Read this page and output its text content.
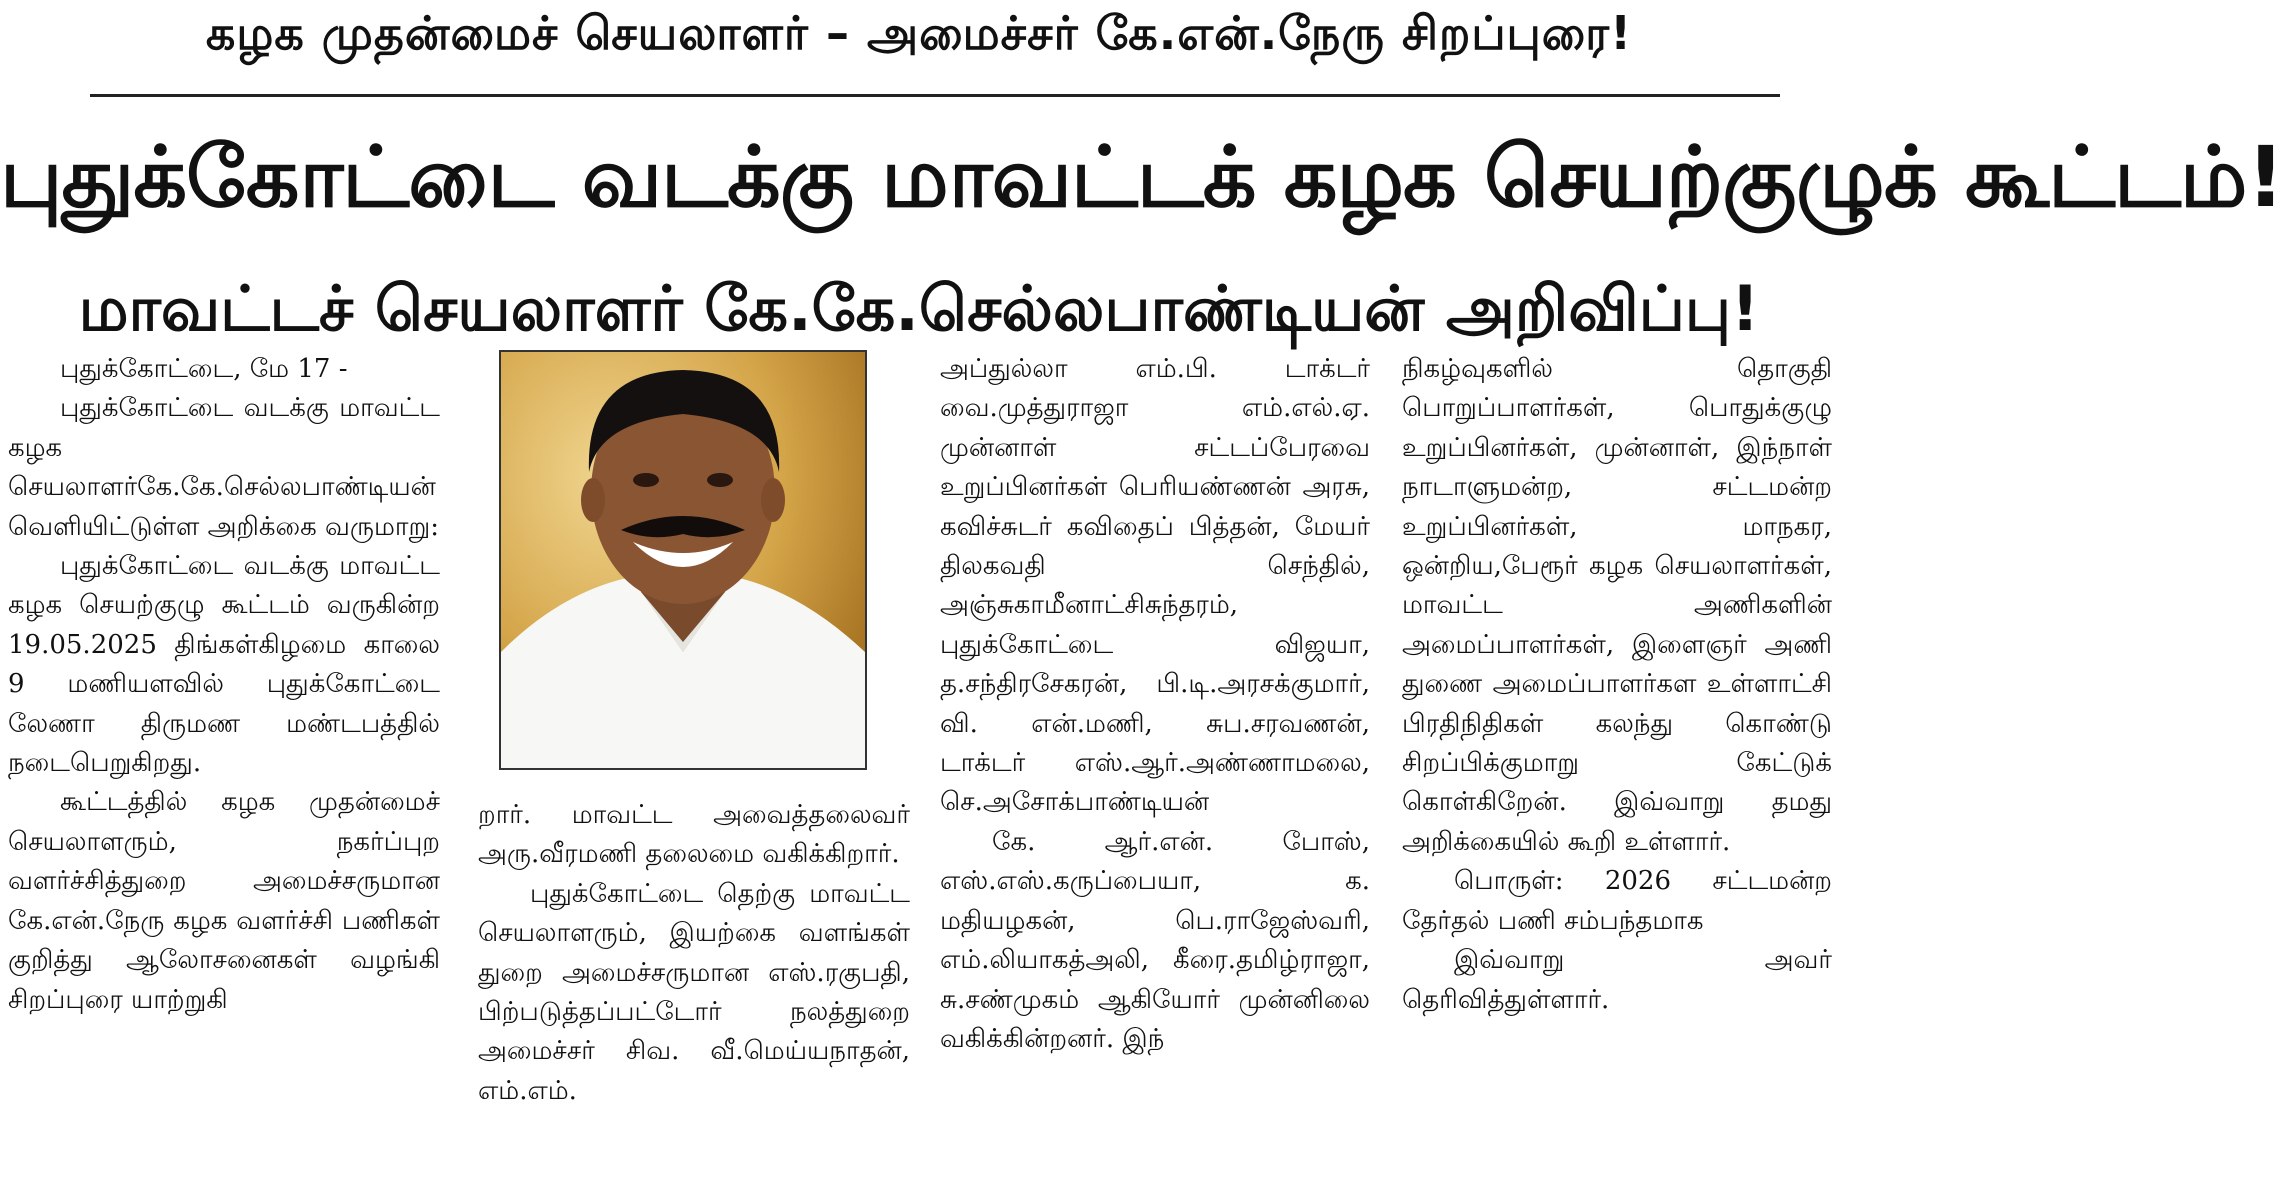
கழக முதன்மைச் செயலாளர் – அமைச்சர் கே.என்.நேரு சிறப்புரை!
புதுக்கோட்டை வடக்கு மாவட்டக் கழக செயற்குழுக் கூட்டம்!
மாவட்டச் செயலாளர் கே.கே.செல்லபாண்டியன் அறிவிப்பு!

புதுக்கோட்டை, மே 17 -

புதுக்கோட்டை வடக்கு மாவட்ட கழக செயலாளர்கே.கே.செல்லபாண்டியன் வெளியிட்டுள்ள அறிக்கை வருமாறு:

புதுக்கோட்டை வடக்கு மாவட்ட கழக செயற்குழு கூட்டம் வருகின்ற 19.05.2025 திங்கள்கிழமை காலை 9 மணியளவில் புதுக்கோட்டை லேணா திருமண மண்டபத்தில் நடைபெறுகிறது.

கூட்டத்தில் கழக முதன்மைச் செயலாளரும், நகர்ப்புற வளர்ச்சித்துறை அமைச்சருமான கே.என்.நேரு கழக வளர்ச்சி பணிகள் குறித்து ஆலோசனைகள் வழங்கி சிறப்புரை யாற்றுகி

றார். மாவட்ட அவைத்தலைவர் அரு.வீரமணி தலைமை வகிக்கிறார்.

புதுக்கோட்டை தெற்கு மாவட்ட செயலாளரும், இயற்கை வளங்கள் துறை அமைச்சருமான எஸ்.ரகுபதி, பிற்படுத்தப்பட்டோர் நலத்துறை அமைச்சர் சிவ. வீ.மெய்யநாதன், எம்.எம்.

அப்துல்லா எம்.பி. டாக்டர் வை.முத்துராஜா எம்.எல்.ஏ. முன்னாள் சட்டப்பேரவை உறுப்பினர்கள் பெரியண்ணன் அரசு, கவிச்சுடர் கவிதைப் பித்தன், மேயர் திலகவதி செந்தில், அஞ்சுகாமீனாட்சிசுந்தரம், புதுக்கோட்டை விஜயா, த.சந்திரசேகரன், பி.டி.அரசக்குமார், வி. என்.மணி, சுப.சரவணன், டாக்டர் எஸ்.ஆர்.அண்ணாமலை, செ.அசோக்பாண்டியன்

கே. ஆர்.என். போஸ், எஸ்.எஸ்.கருப்பையா, க. மதியழகன், பெ.ராஜேஸ்வரி, எம்.லியாகத்அலி, கீரை.தமிழ்ராஜா, சு.சண்முகம் ஆகியோர் முன்னிலை வகிக்கின்றனர். இந்

நிகழ்வுகளில் தொகுதி பொறுப்பாளர்கள், பொதுக்குழு உறுப்பினர்கள், முன்னாள், இந்நாள் நாடாளுமன்ற, சட்டமன்ற உறுப்பினர்கள், மாநகர, ஒன்றிய,பேரூர் கழக செயலாளர்கள், மாவட்ட அணிகளின் அமைப்பாளர்கள், இளைஞர் அணி துணை அமைப்பாளர்கள உள்ளாட்சி பிரதிநிதிகள் கலந்து கொண்டு சிறப்பிக்குமாறு கேட்டுக் கொள்கிறேன். இவ்வாறு தமது அறிக்கையில் கூறி உள்ளார்.

பொருள்: 2026 சட்டமன்ற தேர்தல் பணி சம்பந்தமாக

இவ்வாறு அவர் தெரிவித்துள்ளார்.
